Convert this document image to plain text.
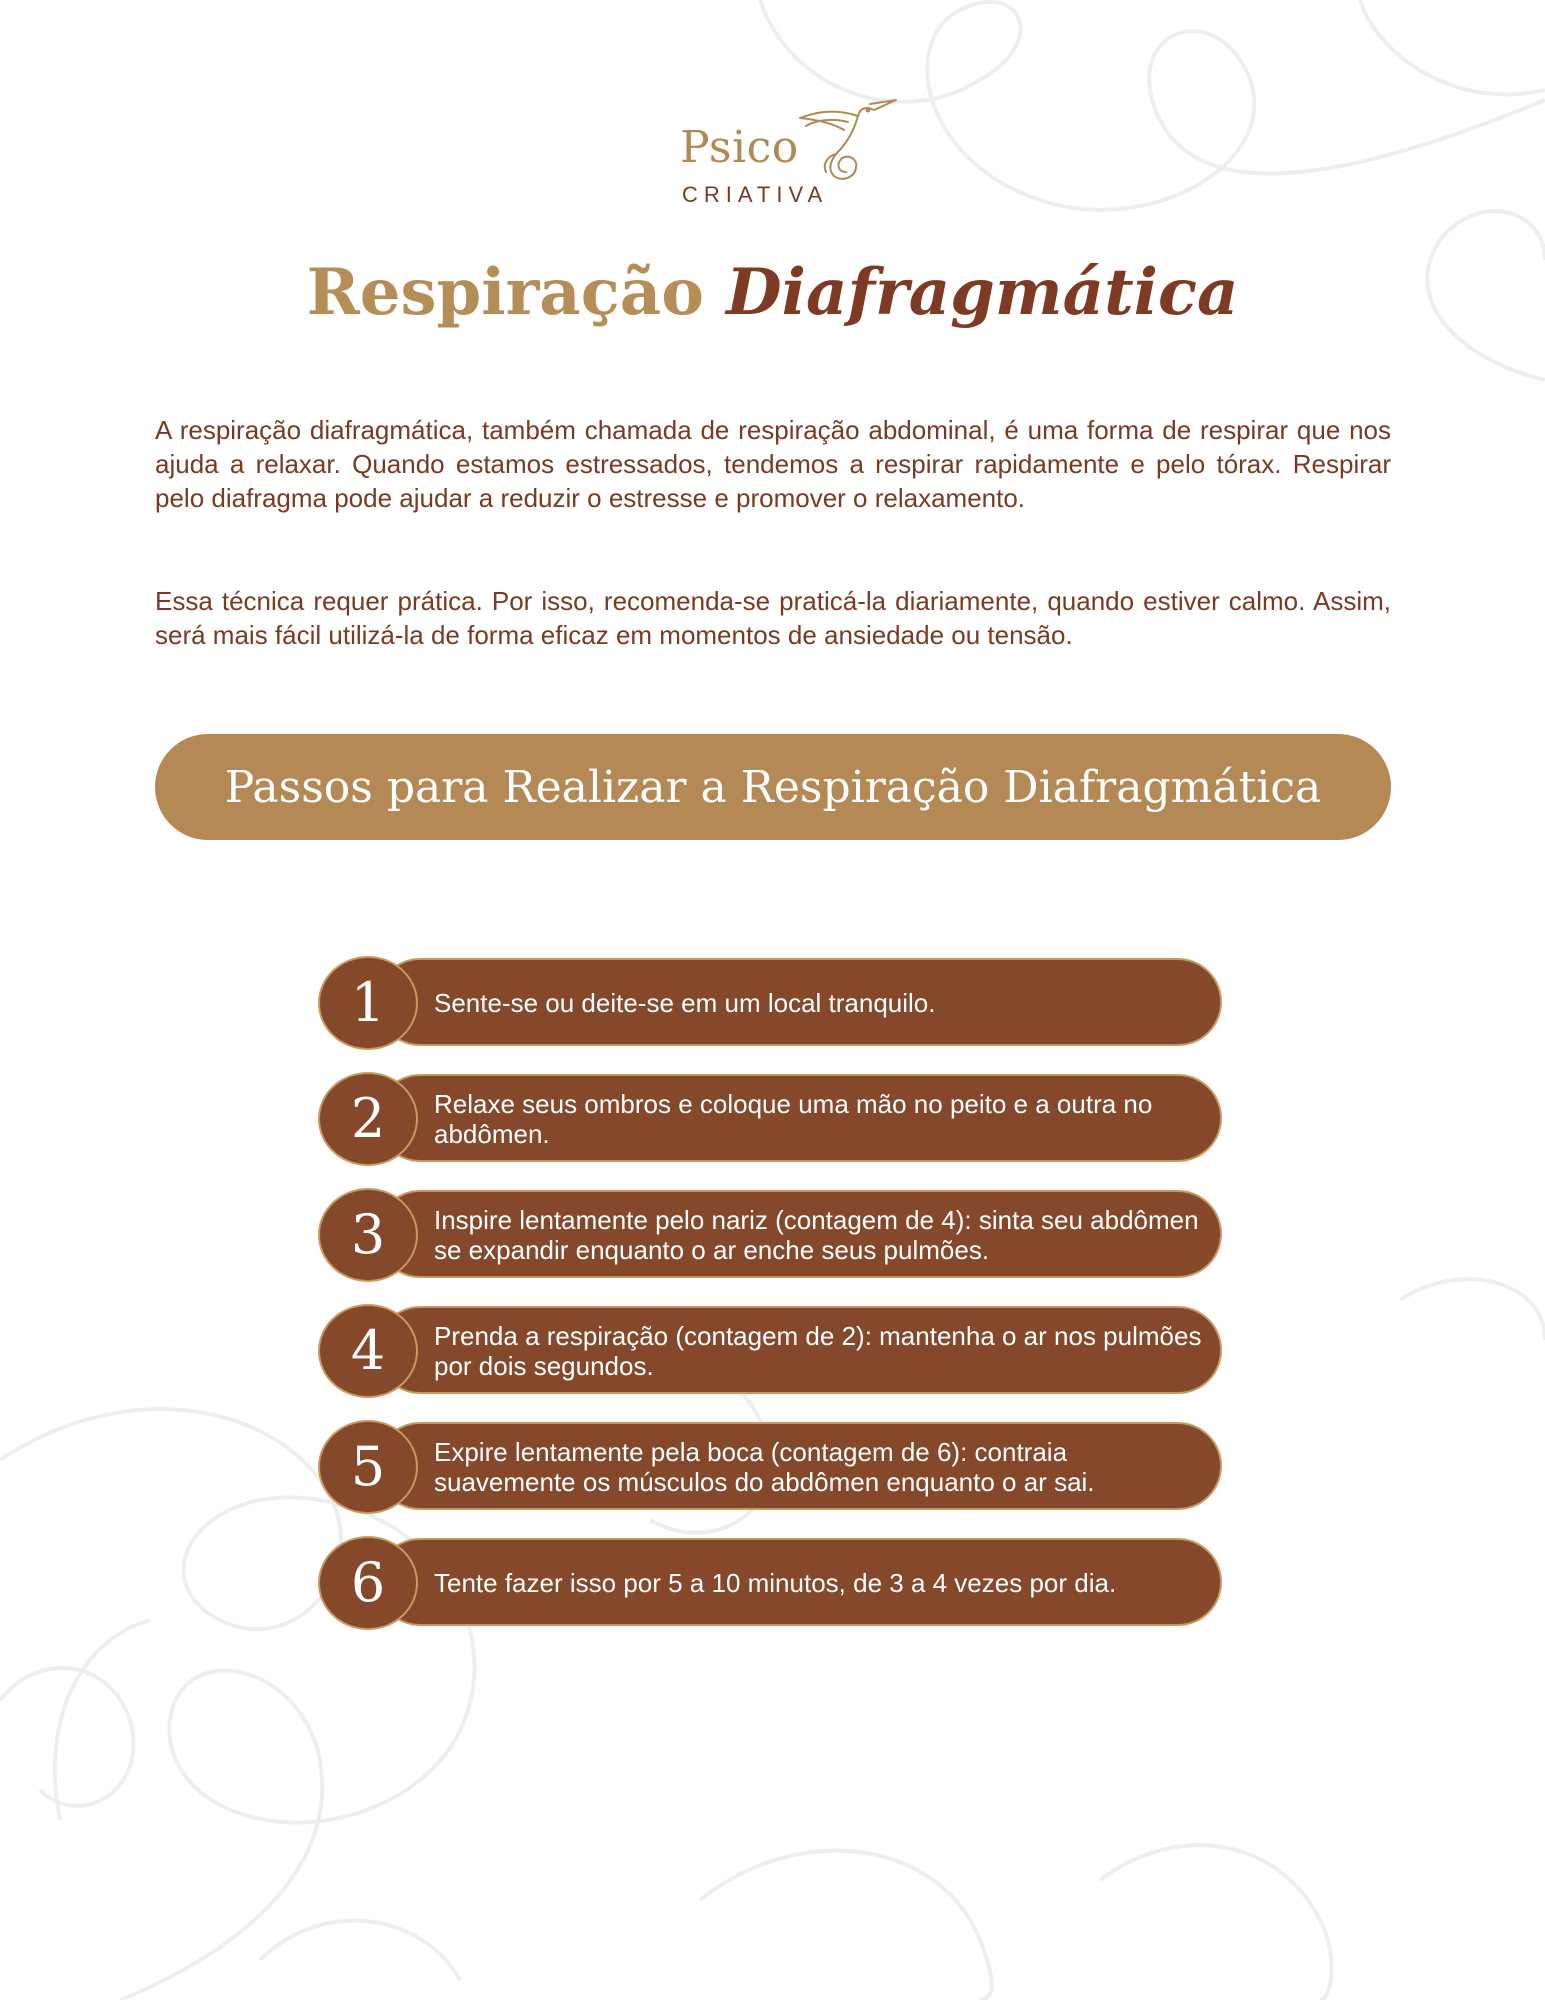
Psico
CRIATIVA
Respiração Diafragmática

A respiração diafragmática, também chamada de respiração abdominal, é uma forma de respirar que nos ajuda a relaxar. Quando estamos estressados, tendemos a respirar rapidamente e pelo tórax. Respirar pelo diafragma pode ajudar a reduzir o estresse e promover o relaxamento.

Essa técnica requer prática. Por isso, recomenda-se praticá-la diariamente, quando estiver calmo. Assim, será mais fácil utilizá-la de forma eficaz em momentos de ansiedade ou tensão.

Passos para Realizar a Respiração Diafragmática
1 Sente-se ou deite-se em um local tranquilo.
2 Relaxe seus ombros e coloque uma mão no peito e a outra no abdômen.
3 Inspire lentamente pelo nariz (contagem de 4): sinta seu abdômen se expandir enquanto o ar enche seus pulmões.
4 Prenda a respiração (contagem de 2): mantenha o ar nos pulmões por dois segundos.
5 Expire lentamente pela boca (contagem de 6): contraia suavemente os músculos do abdômen enquanto o ar sai.
6 Tente fazer isso por 5 a 10 minutos, de 3 a 4 vezes por dia.
